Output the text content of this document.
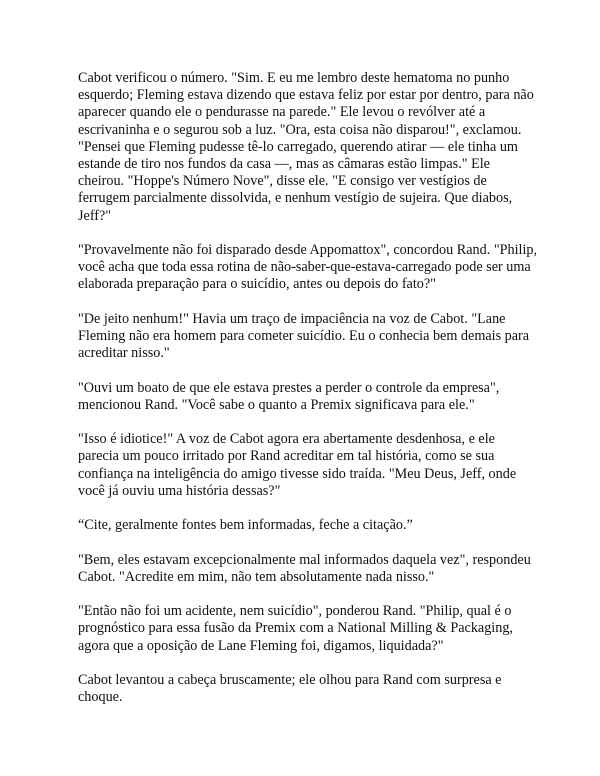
Cabot verificou o número. "Sim. E eu me lembro deste hematoma no punho esquerdo; Fleming estava dizendo que estava feliz por estar por dentro, para não aparecer quando ele o pendurasse na parede." Ele levou o revólver até a escrivaninha e o segurou sob a luz. "Ora, esta coisa não disparou!", exclamou. "Pensei que Fleming pudesse tê-lo carregado, querendo atirar — ele tinha um estande de tiro nos fundos da casa —, mas as câmaras estão limpas." Ele cheirou. "Hoppe's Número Nove", disse ele. "E consigo ver vestígios de ferrugem parcialmente dissolvida, e nenhum vestígio de sujeira. Que diabos, Jeff?"

"Provavelmente não foi disparado desde Appomattox", concordou Rand. "Philip, você acha que toda essa rotina de não-saber-que-estava-carregado pode ser uma elaborada preparação para o suicídio, antes ou depois do fato?"

"De jeito nenhum!" Havia um traço de impaciência na voz de Cabot. "Lane Fleming não era homem para cometer suicídio. Eu o conhecia bem demais para acreditar nisso."

"Ouvi um boato de que ele estava prestes a perder o controle da empresa", mencionou Rand. "Você sabe o quanto a Premix significava para ele."

"Isso é idiotice!" A voz de Cabot agora era abertamente desdenhosa, e ele parecia um pouco irritado por Rand acreditar em tal história, como se sua confiança na inteligência do amigo tivesse sido traída. "Meu Deus, Jeff, onde você já ouviu uma história dessas?"

“Cite, geralmente fontes bem informadas, feche a citação.”

"Bem, eles estavam excepcionalmente mal informados daquela vez", respondeu Cabot. "Acredite em mim, não tem absolutamente nada nisso."

"Então não foi um acidente, nem suicídio", ponderou Rand. "Philip, qual é o prognóstico para essa fusão da Premix com a National Milling & Packaging, agora que a oposição de Lane Fleming foi, digamos, liquidada?"

Cabot levantou a cabeça bruscamente; ele olhou para Rand com surpresa e choque.
